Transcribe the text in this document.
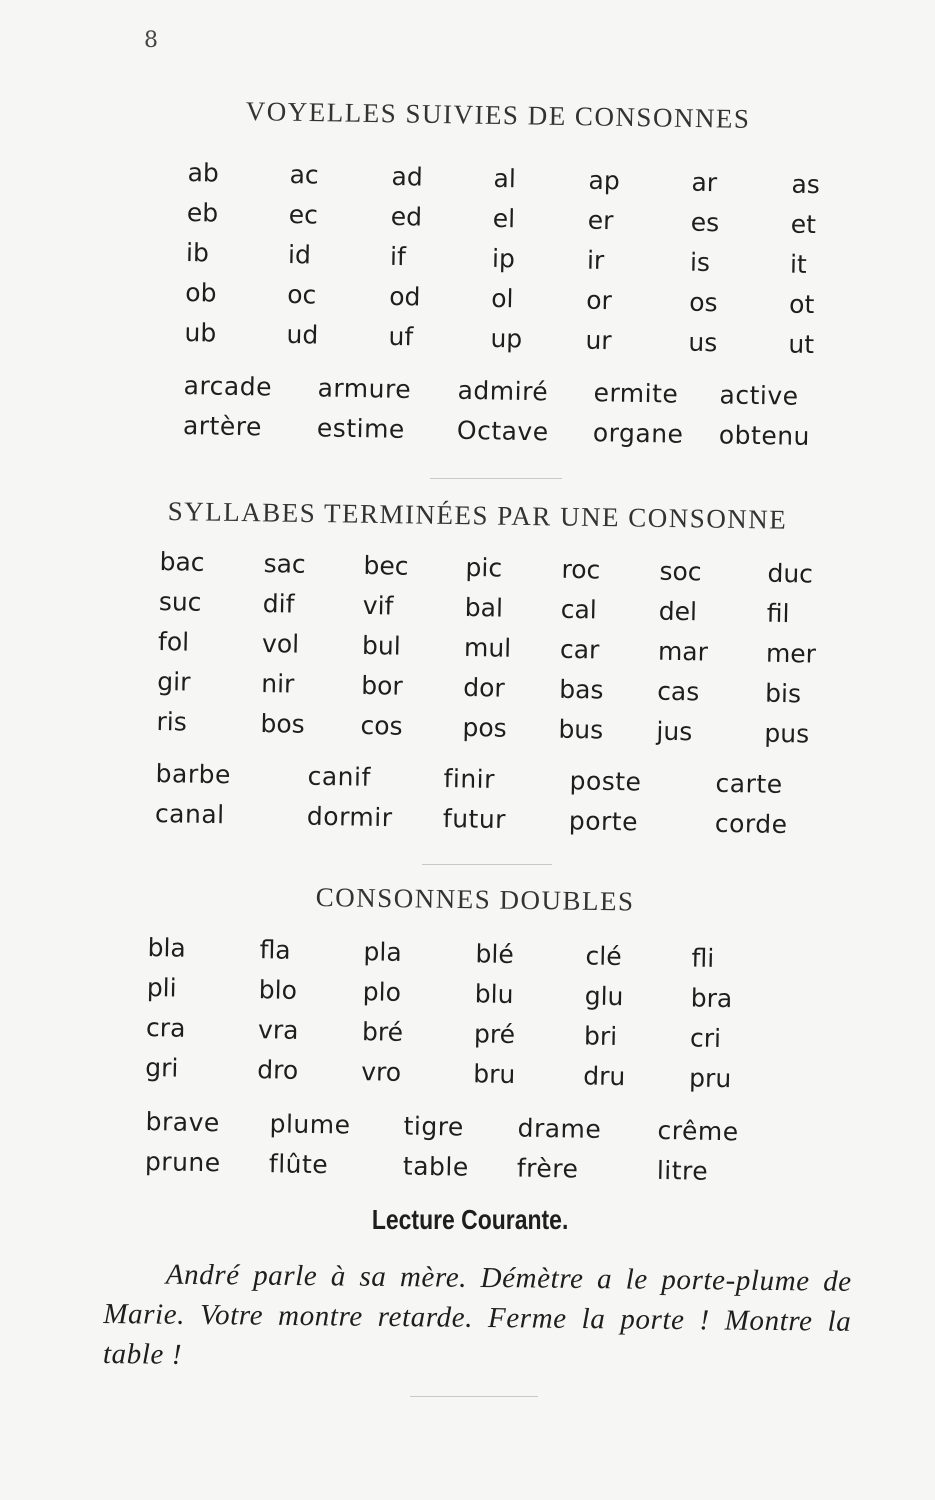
8
VOYELLES SUIVIES DE CONSONNES
ab	ac	ad	al	ap	ar	as
eb	ec	ed	el	er	es	et
ib	id	if	ip	ir	is	it
ob	oc	od	ol	or	os	ot
ub	ud	uf	up	ur	us	ut
arcade	armure	admiré	ermite	active
artère	estime	Octave	organe	obtenu
SYLLABES TERMINÉES PAR UNE CONSONNE
bac	sac	bec	pic	roc	soc	duc
suc	dif	vif	bal	cal	del	fil
fol	vol	bul	mul	car	mar	mer
gir	nir	bor	dor	bas	cas	bis
ris	bos	cos	pos	bus	jus	pus
barbe	canif	finir	poste	carte
canal	dormir	futur	porte	corde
CONSONNES DOUBLES
bla	fla	pla	blé	clé	fli
pli	blo	plo	blu	glu	bra
cra	vra	bré	pré	bri	cri
gri	dro	vro	bru	dru	pru
brave	plume	tigre	drame	crême
prune	flûte	table	frère	litre
Lecture Courante.
André parle à sa mère. Démètre a le porte-plume de Marie. Votre montre retarde. Ferme la porte ! Montre la table !
